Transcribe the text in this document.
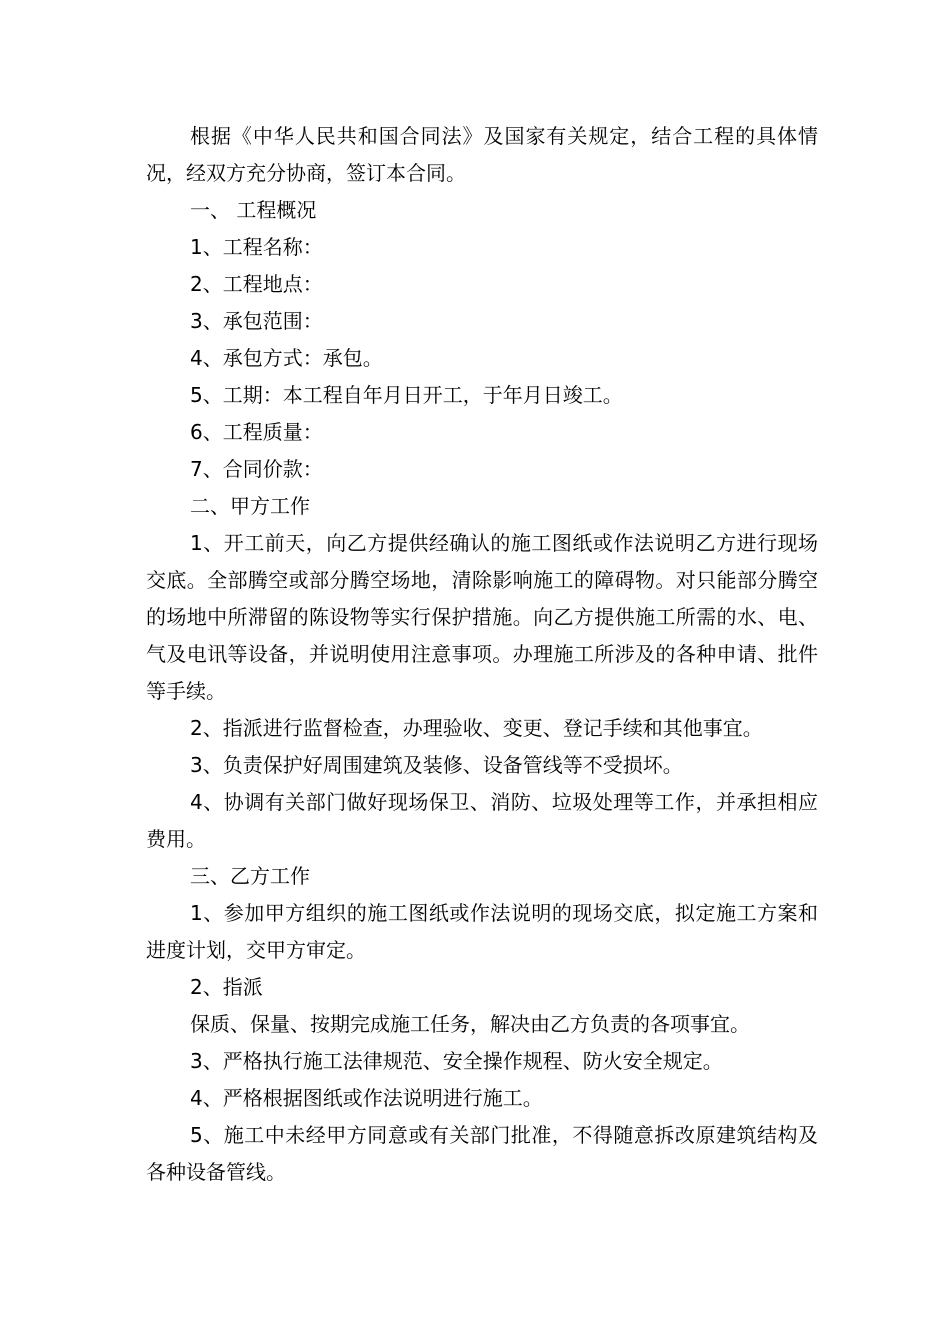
根据《中华人民共和国合同法》及国家有关规定，结合工程的具体情况，经双方充分协商，签订本合同。

一、 工程概况

1、工程名称：

2、工程地点：

3、承包范围：

4、承包方式：承包。

5、工期：本工程自年月日开工，于年月日竣工。

6、工程质量：

7、合同价款：

二、甲方工作

1、开工前天，向乙方提供经确认的施工图纸或作法说明乙方进行现场交底。全部腾空或部分腾空场地，清除影响施工的障碍物。对只能部分腾空的场地中所滞留的陈设物等实行保护措施。向乙方提供施工所需的水、电、气及电讯等设备，并说明使用注意事项。办理施工所涉及的各种申请、批件等手续。

2、指派进行监督检查，办理验收、变更、登记手续和其他事宜。

3、负责保护好周围建筑及装修、设备管线等不受损坏。

4、协调有关部门做好现场保卫、消防、垃圾处理等工作，并承担相应费用。

三、乙方工作

1、参加甲方组织的施工图纸或作法说明的现场交底，拟定施工方案和进度计划，交甲方审定。

2、指派

保质、保量、按期完成施工任务，解决由乙方负责的各项事宜。

3、严格执行施工法律规范、安全操作规程、防火安全规定。

4、严格根据图纸或作法说明进行施工。

5、施工中未经甲方同意或有关部门批准，不得随意拆改原建筑结构及各种设备管线。
